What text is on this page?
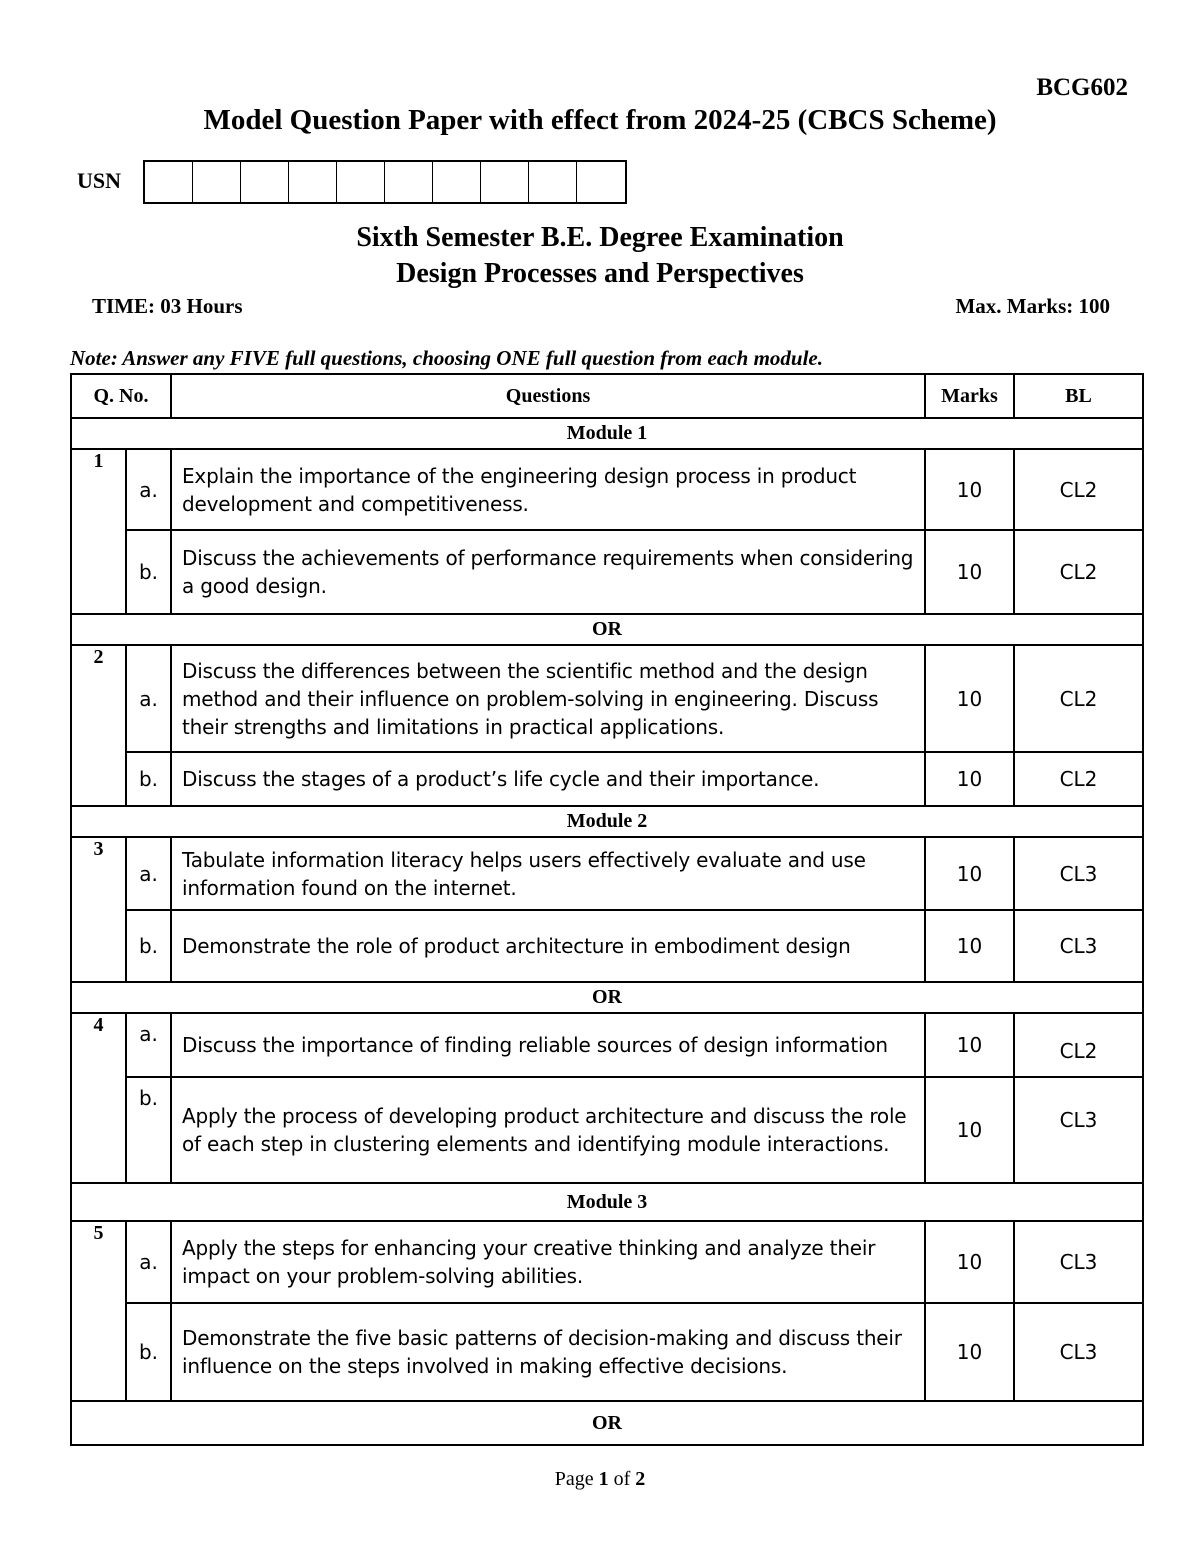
BCG602
Model Question Paper with effect from 2024-25 (CBCS Scheme)
USN
Sixth Semester B.E. Degree Examination
Design Processes and Perspectives
TIME: 03 Hours	Max. Marks: 100
Note: Answer any FIVE full questions, choosing ONE full question from each module.
Q. No.		Questions	Marks	BL
Module 1				
1	a.	Explain the importance of the engineering design process in product development and competitiveness.	10	CL2
	b.	Discuss the achievements of performance requirements when considering a good design.	10	CL2
OR				
2	a.	Discuss the differences between the scientific method and the design method and their influence on problem-solving in engineering. Discuss their strengths and limitations in practical applications.	10	CL2
	b.	Discuss the stages of a product’s life cycle and their importance.	10	CL2
Module 2				
3	a.	Tabulate information literacy helps users effectively evaluate and use information found on the internet.	10	CL3
	b.	Demonstrate the role of product architecture in embodiment design	10	CL3
OR				
4	a.	Discuss the importance of finding reliable sources of design information	10	CL2
	b.	Apply the process of developing product architecture and discuss the role of each step in clustering elements and identifying module interactions.	10	CL3
Module 3				
5	a.	Apply the steps for enhancing your creative thinking and analyze their impact on your problem-solving abilities.	10	CL3
	b.	Demonstrate the five basic patterns of decision-making and discuss their influence on the steps involved in making effective decisions.	10	CL3
OR				
Page 1 of 2
